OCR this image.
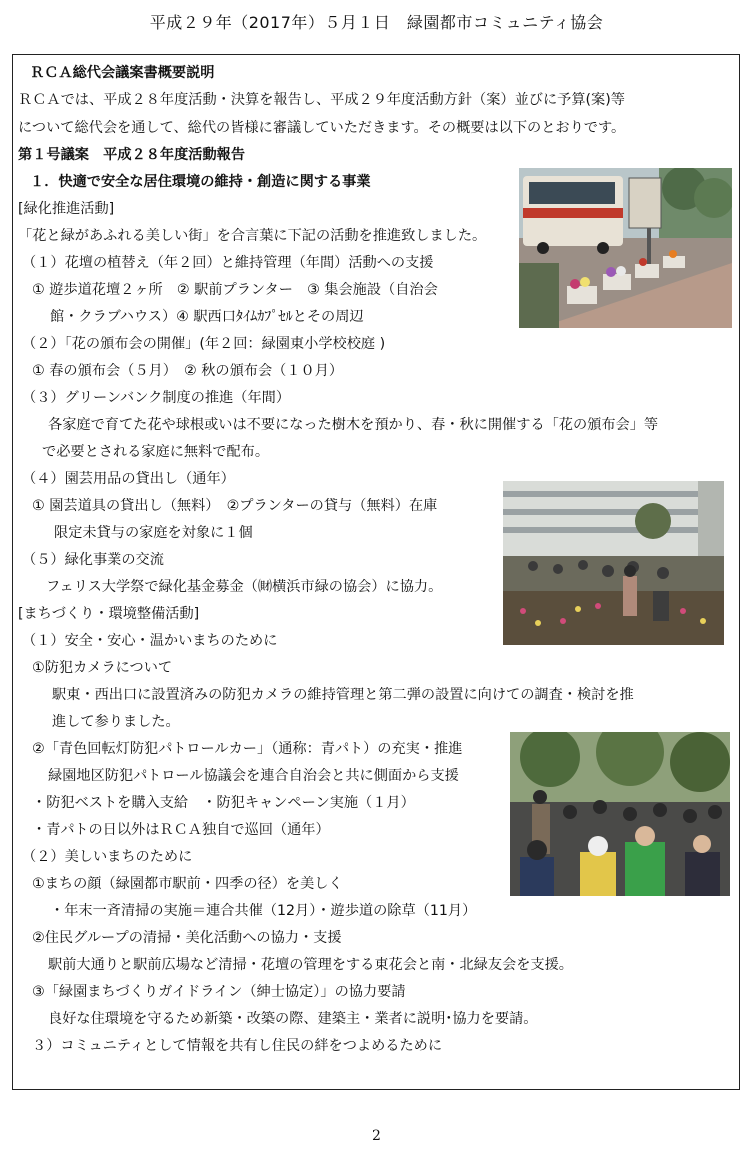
平成２９年（2017年）５月１日　緑園都市コミュニティ協会
ＲＣＡ総代会議案書概要説明
ＲＣＡでは、平成２８年度活動・決算を報告し、平成２９年度活動方針（案）並びに予算(案)等
について総代会を通して、総代の皆様に審議していただきます。その概要は以下のとおりです。
第１号議案　平成２８年度活動報告
１．快適で安全な居住環境の維持・創造に関する事業
[緑化推進活動]
「花と緑があふれる美しい街」を合言葉に下記の活動を推進致しました。
（１）花壇の植替え（年２回）と維持管理（年間）活動への支援
① 遊歩道花壇２ヶ所　② 駅前プランター　③ 集会施設（自治会
館・クラブハウス）④ 駅西口ﾀｲﾑｶﾌﾟｾﾙとその周辺
（２）「花の頒布会の開催」(年２回：緑園東小学校校庭 )
① 春の頒布会（５月）　② 秋の頒布会（１０月）
（３）グリーンバンク制度の推進（年間）
各家庭で育てた花や球根或いは不要になった樹木を預かり、春・秋に開催する「花の頒布会」等
で必要とされる家庭に無料で配布。
（４）園芸用品の貸出し（通年）
① 園芸道具の貸出し（無料）　②プランターの貸与（無料）在庫
限定未貸与の家庭を対象に１個
（５）緑化事業の交流
フェリス大学祭で緑化基金募金（㈶横浜市緑の協会）に協力。
[まちづくり・環境整備活動]
（１）安全・安心・温かいまちのために
①防犯カメラについて
駅東・西出口に設置済みの防犯カメラの維持管理と第二弾の設置に向けての調査・検討を推
進して参りました。
②「青色回転灯防犯パトロールカー」（通称：青パト）の充実・推進
緑園地区防犯パトロール協議会を連合自治会と共に側面から支援
・防犯ベストを購入支給　・防犯キャンペーン実施（１月）
・青パトの日以外はＲＣＡ独自で巡回（通年）
（２）美しいまちのために
①まちの顔（緑園都市駅前・四季の径）を美しく
・年末一斉清掃の実施＝連合共催（12月）・遊歩道の除草（11月）
②住民グループの清掃・美化活動への協力・支援
駅前大通りと駅前広場など清掃・花壇の管理をする東花会と南・北緑友会を支援。
③「緑園まちづくりガイドライン（紳士協定）」の協力要請
良好な住環境を守るため新築・改築の際、建築主・業者に説明･協力を要請。
３）コミュニティとして情報を共有し住民の絆をつよめるために
2
